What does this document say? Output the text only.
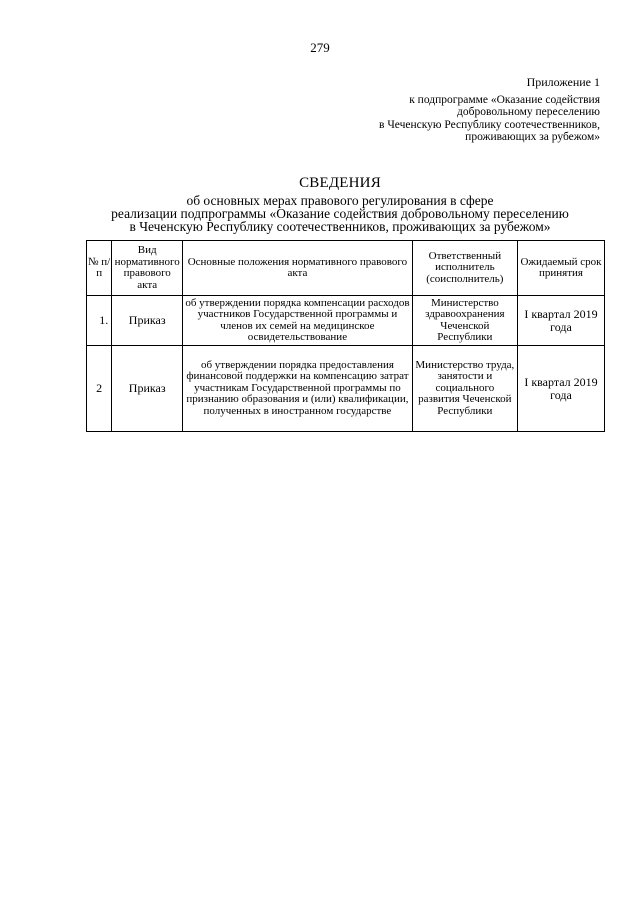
279
Приложение 1
к подпрограмме «Оказание содействия
добровольному переселению
в Чеченскую Республику соотечественников,
проживающих за рубежом»
СВЕДЕНИЯ
об основных мерах правового регулирования в сфере
реализации подпрограммы «Оказание содействия добровольному переселению
в Чеченскую Республику соотечественников, проживающих за рубежом»
№ п/п	Вид нормативного правового акта	Основные положения нормативного правового акта	Ответственный исполнитель (соисполнитель)	Ожидаемый срок принятия
1.	Приказ	об утверждении порядка компенсации расходов участников Государственной программы и членов их семей на медицинское освидетельствование	Министерство здравоохранения Чеченской Республики	I квартал 2019 года
2	Приказ	об утверждении порядка предоставления финансовой поддержки на компенсацию затрат участникам Государственной программы по признанию образования и (или) квалификации, полученных в иностранном государстве	Министерство труда, занятости и социального развития Чеченской Республики	I квартал 2019 года
